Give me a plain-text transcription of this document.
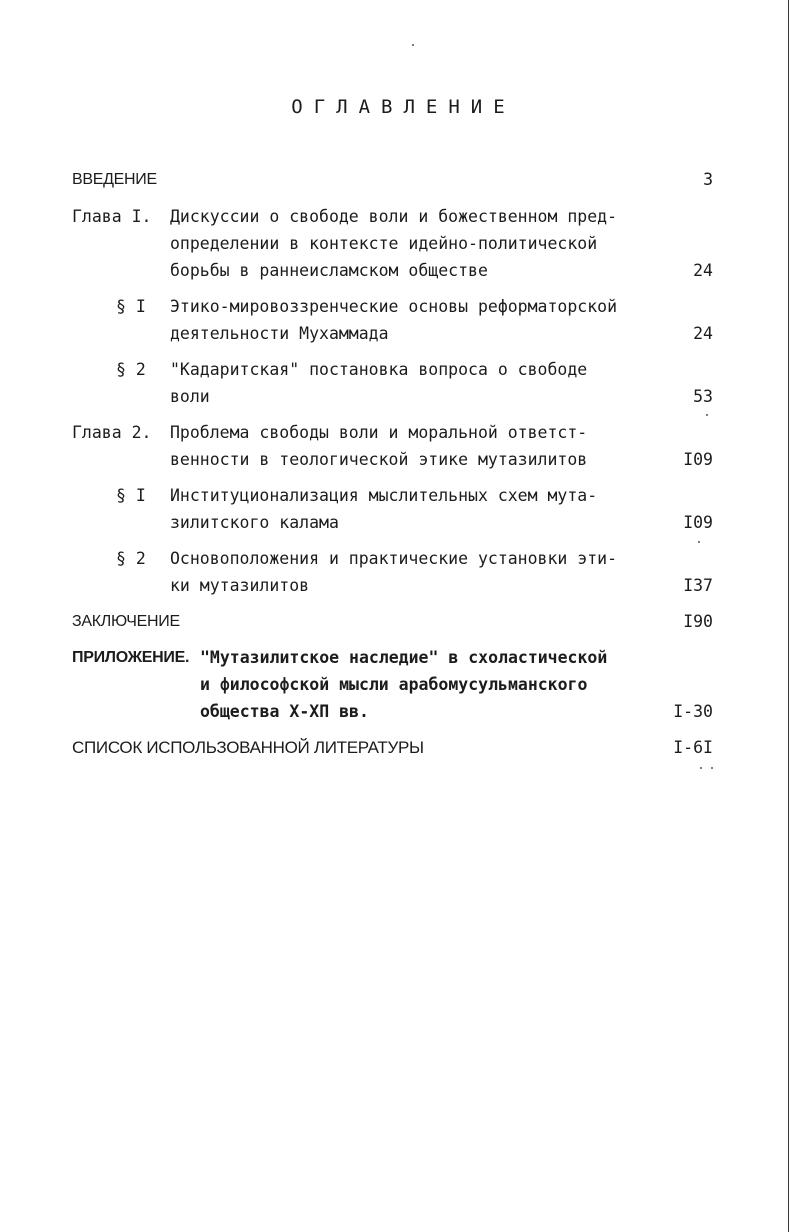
ОГЛАВЛЕНИЕ
ВВЕДЕНИЕ	3
Глава I. Дискуссии о свободе воли и божественном пред-
определении в контексте идейно-политической
борьбы в раннеисламском обществе	24
§ I Этико-мировоззренческие основы реформаторской
деятельности Мухаммада	24
§ 2 "Кадаритская" постановка вопроса о свободе
воли	53
Глава 2. Проблема свободы воли и моральной ответст-
венности в теологической этике мутазилитов	I09
§ I Институционализация мыслительных схем мута-
зилитского калама	I09
§ 2 Основоположения и практические установки эти-
ки мутазилитов	I37
ЗАКЛЮЧЕНИЕ	I90
ПРИЛОЖЕНИЕ. "Мутазилитское наследие" в схоластической
и философской мысли арабомусульманского
общества X-XП вв.	I-30
СПИСОК ИСПОЛЬЗОВАННОЙ ЛИТЕРАТУРЫ	I-6I
